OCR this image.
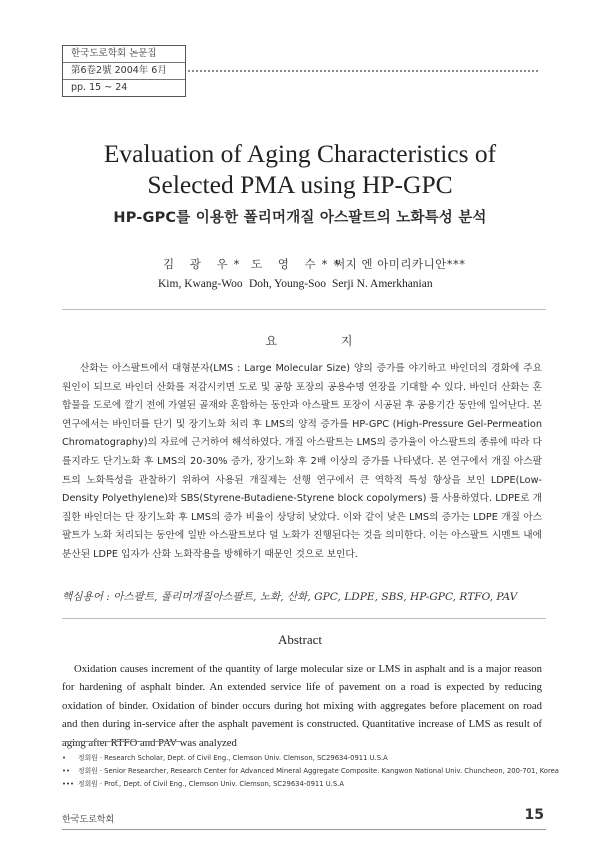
한국도로학회 논문집
第6卷2號 2004年 6月
pp. 15 ~ 24
Evaluation of Aging Characteristics of
Selected PMA using HP-GPC
HP-GPC를 이용한 폴리머개질 아스팔트의 노화특성 분석
김 광 우* 도 영 수**
써지 엔 아미리카니안***
Kim, Kwang-Woo Doh, Young-Soo Serji N. Amerkhanian
요 지
산화는 아스팔트에서 대형분자(LMS : Large Molecular Size) 양의 증가를 야기하고 바인더의 경화에 주요 원인이 되므로 바인더 산화를 저감시키면 도로 및 공항 포장의 공용수명 연장을 기대할 수 있다. 바인더 산화는 혼합물을 도로에 깔기 전에 가열된 골재와 혼합하는 동안과 아스팔트 포장이 시공된 후 공용기간 동안에 일어난다. 본 연구에서는 바인더를 단기 및 장기노화 처리 후 LMS의 양적 증가를 HP-GPC (High-Pressure Gel-Permeation Chromatography)의 자료에 근거하여 해석하였다. 개질 아스팔트는 LMS의 증가율이 아스팔트의 종류에 따라 다를지라도 단기노화 후 LMS의 20-30% 증가, 장기노화 후 2배 이상의 증가를 나타냈다. 본 연구에서 개질 아스팔트의 노화특성을 관찰하기 위하여 사용된 개질제는 선행 연구에서 큰 역학적 특성 향상을 보인 LDPE(Low-Density Polyethylene)와 SBS(Styrene-Butadiene-Styrene block copolymers) 를 사용하였다. LDPE로 개질한 바인더는 단 장기노화 후 LMS의 증가 비율이 상당히 낮았다. 이와 같이 낮은 LMS의 증가는 LDPE 개질 아스팔트가 노화 처리되는 동안에 일반 아스팔트보다 덜 노화가 진행된다는 것을 의미한다. 이는 아스팔트 시멘트 내에 분산된 LDPE 입자가 산화 노화작용을 방해하기 때문인 것으로 보인다.
핵심용어 : 아스팔트, 폴리머개질아스팔트, 노화, 산화, GPC, LDPE, SBS, HP-GPC, RTFO, PAV
Abstract
Oxidation causes increment of the quantity of large molecular size or LMS in asphalt and is a major reason for hardening of asphalt binder. An extended service life of pavement on a road is expected by reducing oxidation of binder. Oxidation of binder occurs during hot mixing with aggregates before placement on road and then during in-service after the asphalt pavement is constructed. Quantitative increase of LMS as result of aging after RTFO and PAV was analyzed
• 정회원 · Research Scholar, Dept. of Civil Eng., Clemson Univ. Clemson, SC29634-0911 U.S.A
•• 정회원 · Senior Researcher, Research Center for Advanced Mineral Aggregate Composite. Kangwon National Univ. Chuncheon, 200-701, Korea
••• 정회원 · Prof., Dept. of Civil Eng., Clemson Univ. Clemson, SC29634-0911 U.S.A
한국도로학회	15
